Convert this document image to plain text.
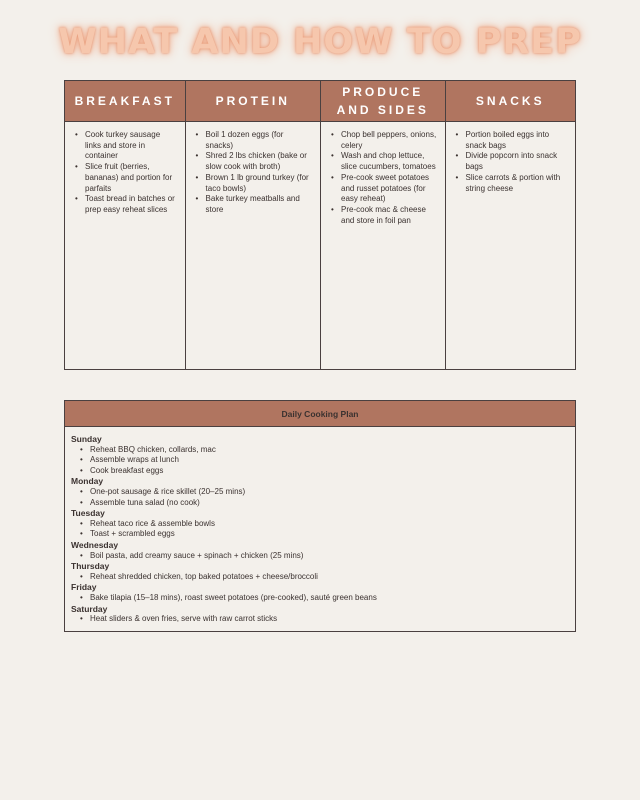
WHAT AND HOW TO PREP
BREAKFAST
• Cook turkey sausage links and store in container
• Slice fruit (berries, bananas) and portion for parfaits
• Toast bread in batches or prep easy reheat slices
PROTEIN
• Boil 1 dozen eggs (for snacks)
• Shred 2 lbs chicken (bake or slow cook with broth)
• Brown 1 lb ground turkey (for taco bowls)
• Bake turkey meatballs and store
PRODUCE AND SIDES
• Chop bell peppers, onions, celery
• Wash and chop lettuce, slice cucumbers, tomatoes
• Pre-cook sweet potatoes and russet potatoes (for easy reheat)
• Pre-cook mac & cheese and store in foil pan
SNACKS
• Portion boiled eggs into snack bags
• Divide popcorn into snack bags
• Slice carrots & portion with string cheese
Daily Cooking Plan
Sunday
• Reheat BBQ chicken, collards, mac
• Assemble wraps at lunch
• Cook breakfast eggs
Monday
• One-pot sausage & rice skillet (20–25 mins)
• Assemble tuna salad (no cook)
Tuesday
• Reheat taco rice & assemble bowls
• Toast + scrambled eggs
Wednesday
• Boil pasta, add creamy sauce + spinach + chicken (25 mins)
Thursday
• Reheat shredded chicken, top baked potatoes + cheese/broccoli
Friday
• Bake tilapia (15–18 mins), roast sweet potatoes (pre-cooked), sauté green beans
Saturday
• Heat sliders & oven fries, serve with raw carrot sticks
